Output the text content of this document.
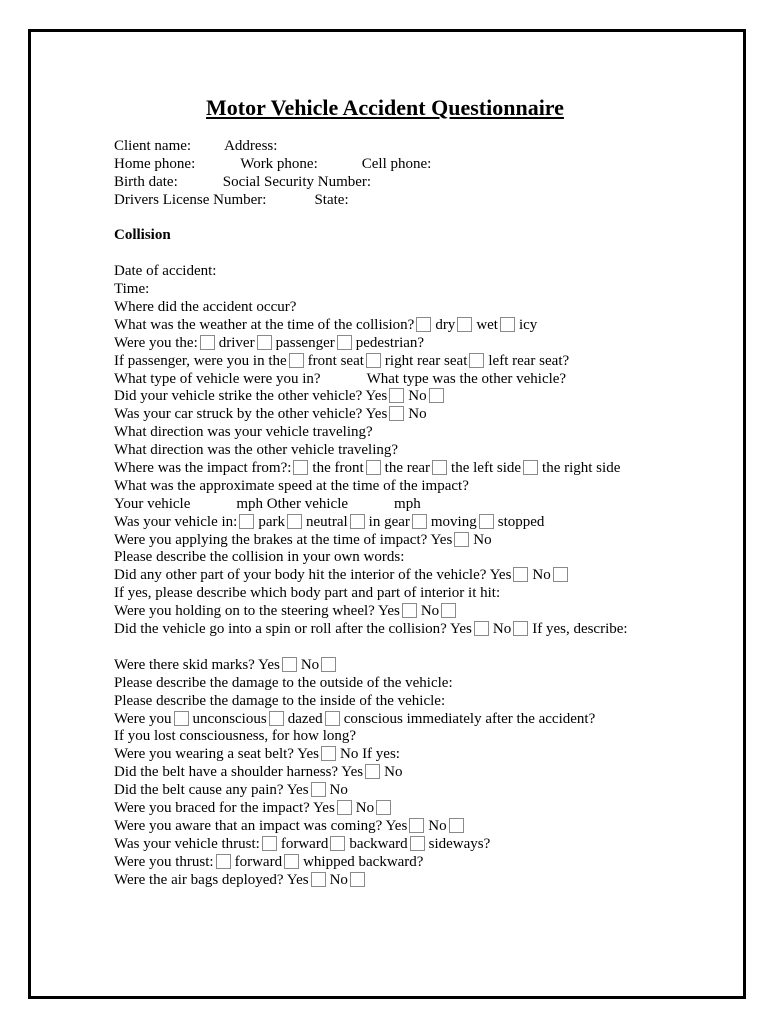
Motor Vehicle Accident Questionnaire
Client name: Address:
Home phone:	Work phone:	Cell phone:
Birth date:	Social Security Number:
Drivers License Number:	State:
Collision
Date of accident:
Time:
Where did the accident occur?
What was the weather at the time of the collision? dry wet icy
Were you the: driver passenger pedestrian?
If passenger, were you in the front seat right rear seat left rear seat?
What type of vehicle were you in?	What type was the other vehicle?
Did your vehicle strike the other vehicle? Yes No
Was your car struck by the other vehicle? Yes No
What direction was your vehicle traveling?
What direction was the other vehicle traveling?
Where was the impact from?: the front the rear the left side the right side
What was the approximate speed at the time of the impact?
Your vehicle	mph Other vehicle	mph
Was your vehicle in: park neutral in gear moving stopped
Were you applying the brakes at the time of impact? Yes No
Please describe the collision in your own words:
Did any other part of your body hit the interior of the vehicle? Yes No
If yes, please describe which body part and part of interior it hit:
Were you holding on to the steering wheel? Yes No
Did the vehicle go into a spin or roll after the collision? Yes No If yes, describe:
Were there skid marks? Yes No
Please describe the damage to the outside of the vehicle:
Please describe the damage to the inside of the vehicle:
Were you unconscious dazed conscious immediately after the accident?
If you lost consciousness, for how long?
Were you wearing a seat belt? Yes No If yes:
Did the belt have a shoulder harness? Yes No
Did the belt cause any pain? Yes No
Were you braced for the impact? Yes No
Were you aware that an impact was coming? Yes No
Was your vehicle thrust: forward backward sideways?
Were you thrust: forward whipped backward?
Were the air bags deployed? Yes No
